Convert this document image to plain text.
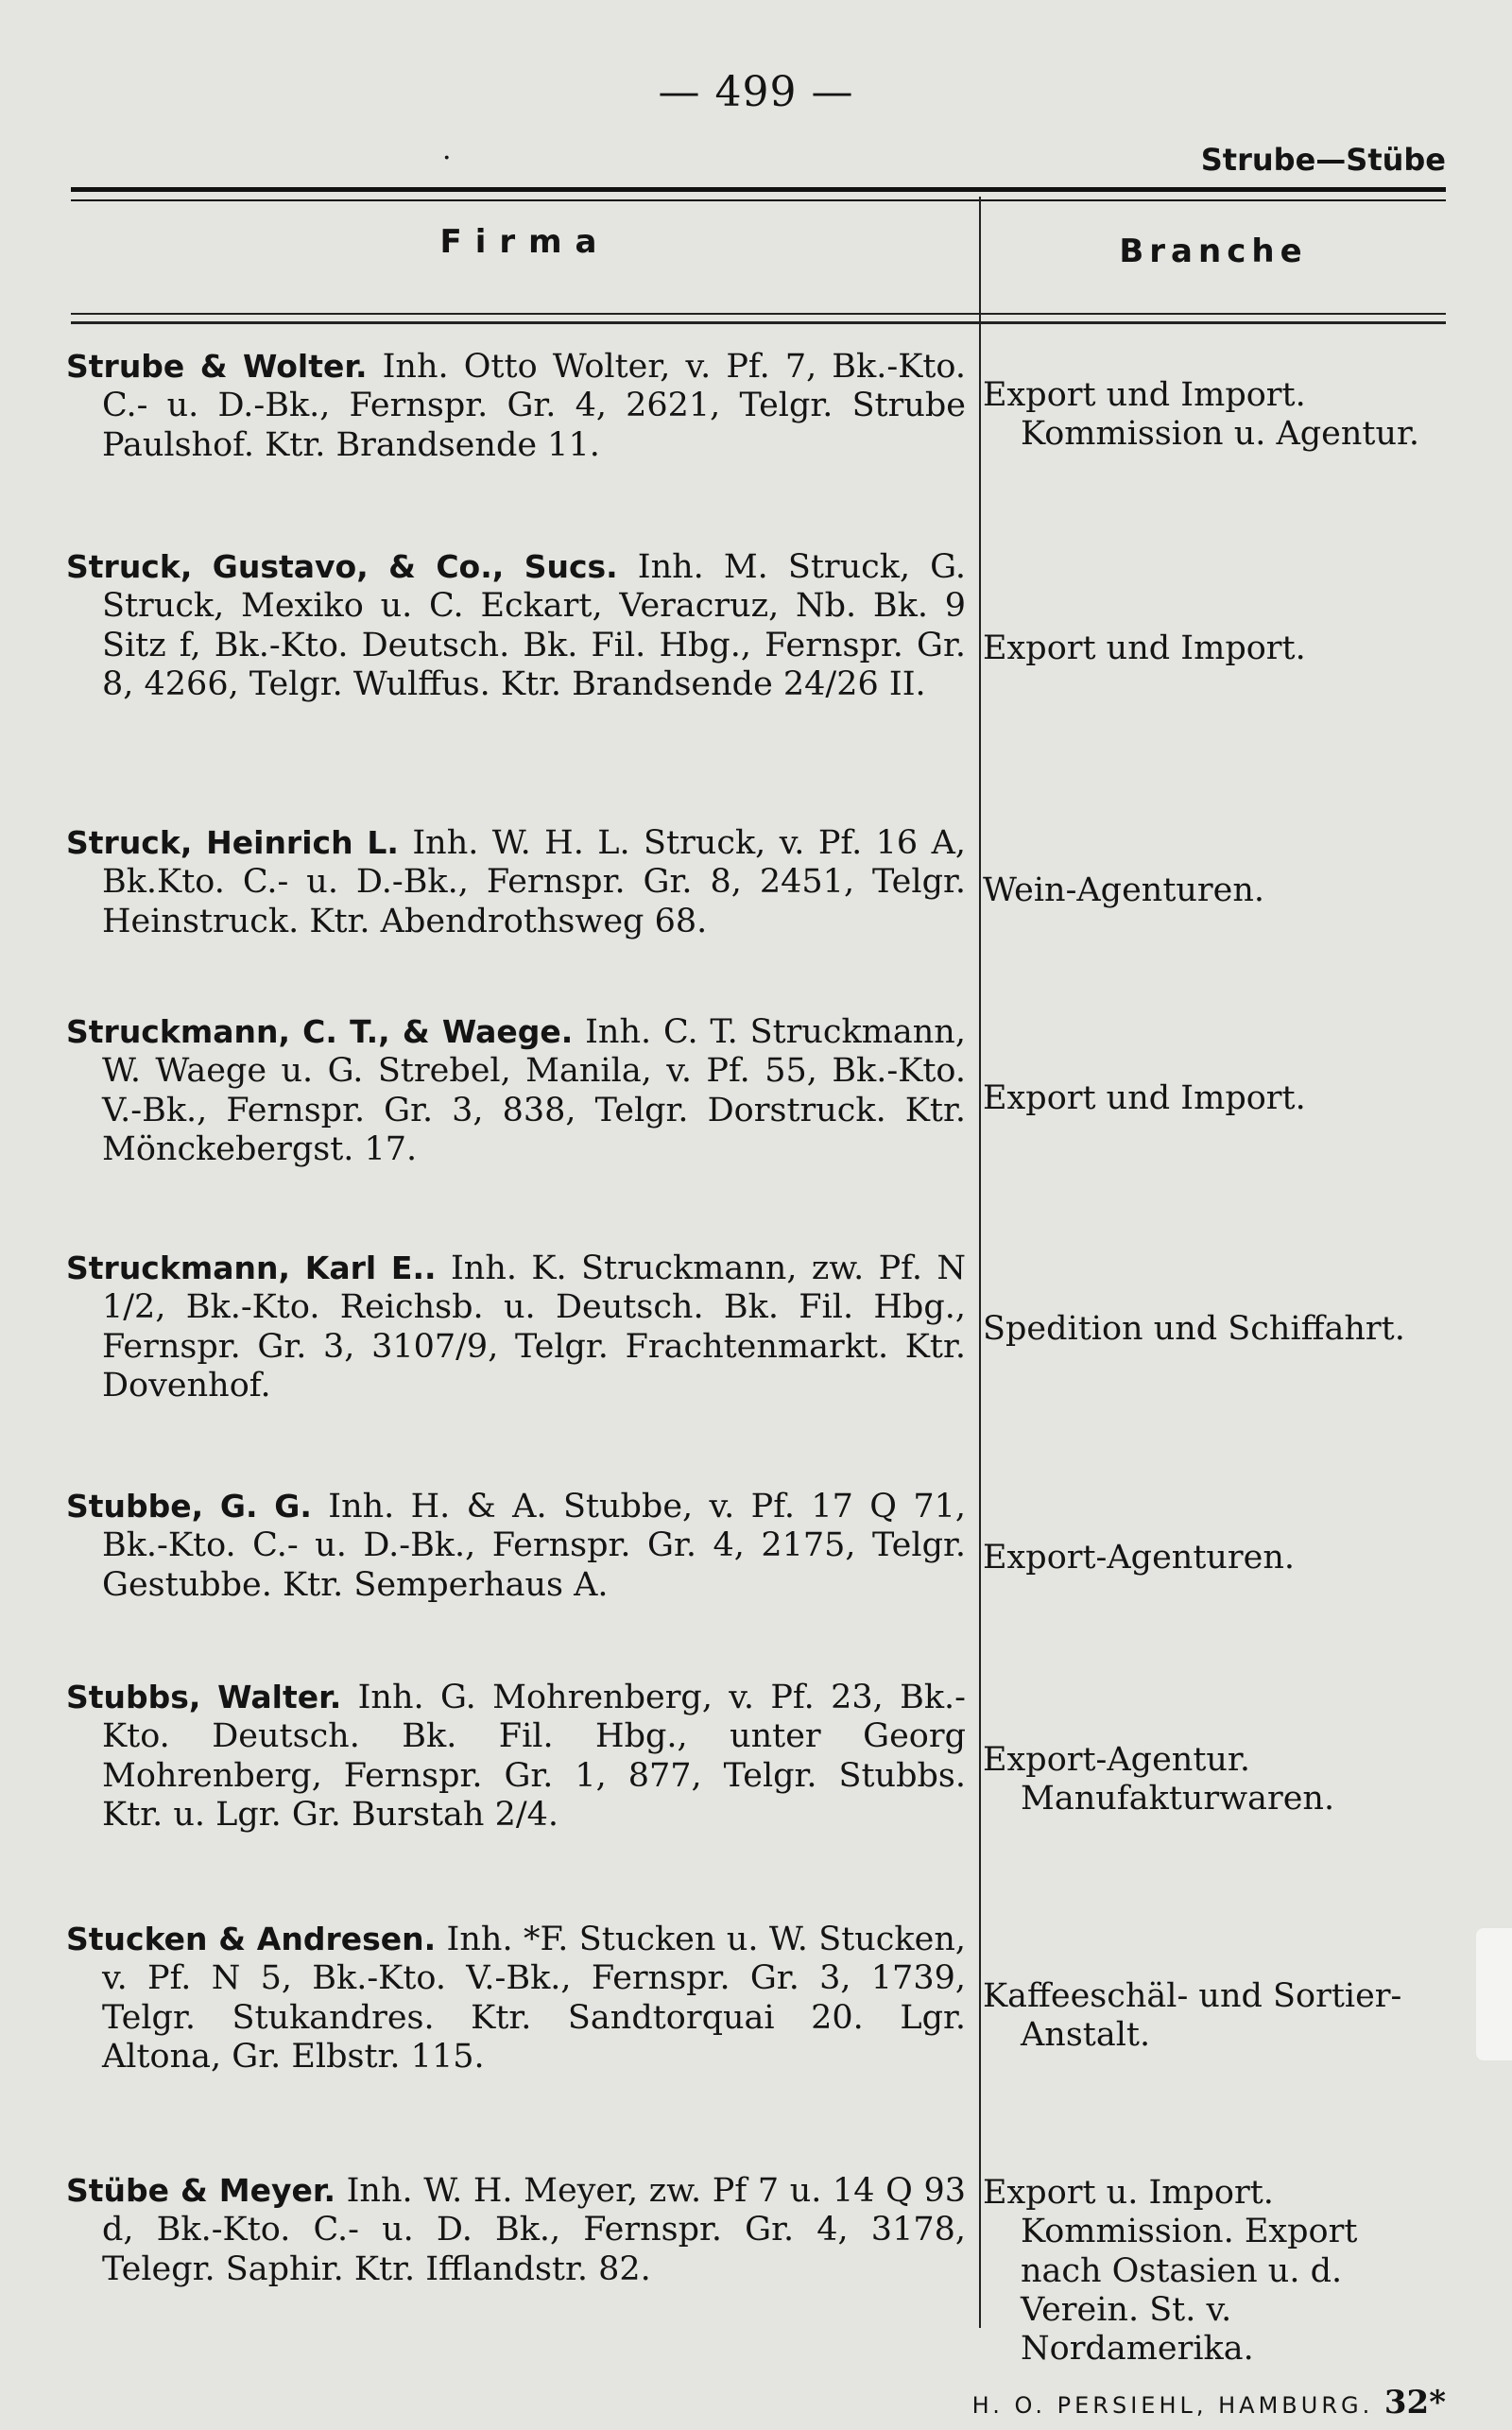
— 499 —
·	Strube—Stübe
Firma	Branche
Strube & Wolter. Inh. Otto Wolter, v. Pf. 7, Bk.-Kto. C.- u. D.-Bk., Fernspr. Gr. 4, 2621, Telgr. Strube Paulshof. Ktr. Brandsende 11.
Export und Import. Kommission u. Agentur.
Struck, Gustavo, & Co., Sucs. Inh. M. Struck, G. Struck, Mexiko u. C. Eckart, Veracruz, Nb. Bk. 9 Sitz f, Bk.-Kto. Deutsch. Bk. Fil. Hbg., Fernspr. Gr. 8, 4266, Telgr. Wulffus. Ktr. Brandsende 24/26 II.
Export und Import.
Struck, Heinrich L. Inh. W. H. L. Struck, v. Pf. 16 A, Bk.Kto. C.- u. D.-Bk., Fernspr. Gr. 8, 2451, Telgr. Heinstruck. Ktr. Abendrothsweg 68.
Wein-Agenturen.
Struckmann, C. T., & Waege. Inh. C. T. Struckmann, W. Waege u. G. Strebel, Manila, v. Pf. 55, Bk.-Kto. V.-Bk., Fernspr. Gr. 3, 838, Telgr. Dorstruck. Ktr. Mönckebergst. 17.
Export und Import.
Struckmann, Karl E.. Inh. K. Struckmann, zw. Pf. N 1/2, Bk.-Kto. Reichsb. u. Deutsch. Bk. Fil. Hbg., Fernspr. Gr. 3, 3107/9, Telgr. Frachtenmarkt. Ktr. Dovenhof.
Spedition und Schiffahrt.
Stubbe, G. G. Inh. H. & A. Stubbe, v. Pf. 17 Q 71, Bk.-Kto. C.- u. D.-Bk., Fernspr. Gr. 4, 2175, Telgr. Gestubbe. Ktr. Semperhaus A.
Export-Agenturen.
Stubbs, Walter. Inh. G. Mohrenberg, v. Pf. 23, Bk.-Kto. Deutsch. Bk. Fil. Hbg., unter Georg Mohrenberg, Fernspr. Gr. 1, 877, Telgr. Stubbs. Ktr. u. Lgr. Gr. Burstah 2/4.
Export-Agentur. Manufakturwaren.
Stucken & Andresen. Inh. *F. Stucken u. W. Stucken, v. Pf. N 5, Bk.-Kto. V.-Bk., Fernspr. Gr. 3, 1739, Telgr. Stukandres. Ktr. Sandtorquai 20. Lgr. Altona, Gr. Elbstr. 115.
Kaffeeschäl- und Sortier-Anstalt.
Stübe & Meyer. Inh. W. H. Meyer, zw. Pf 7 u. 14 Q 93 d, Bk.-Kto. C.- u. D. Bk., Fernspr. Gr. 4, 3178, Telegr. Saphir. Ktr. Ifflandstr. 82.
Export u. Import. Kommission. Export nach Ostasien u. d. Verein. St. v. Nordamerika.
H. O. PERSIEHL, HAMBURG. 32*
